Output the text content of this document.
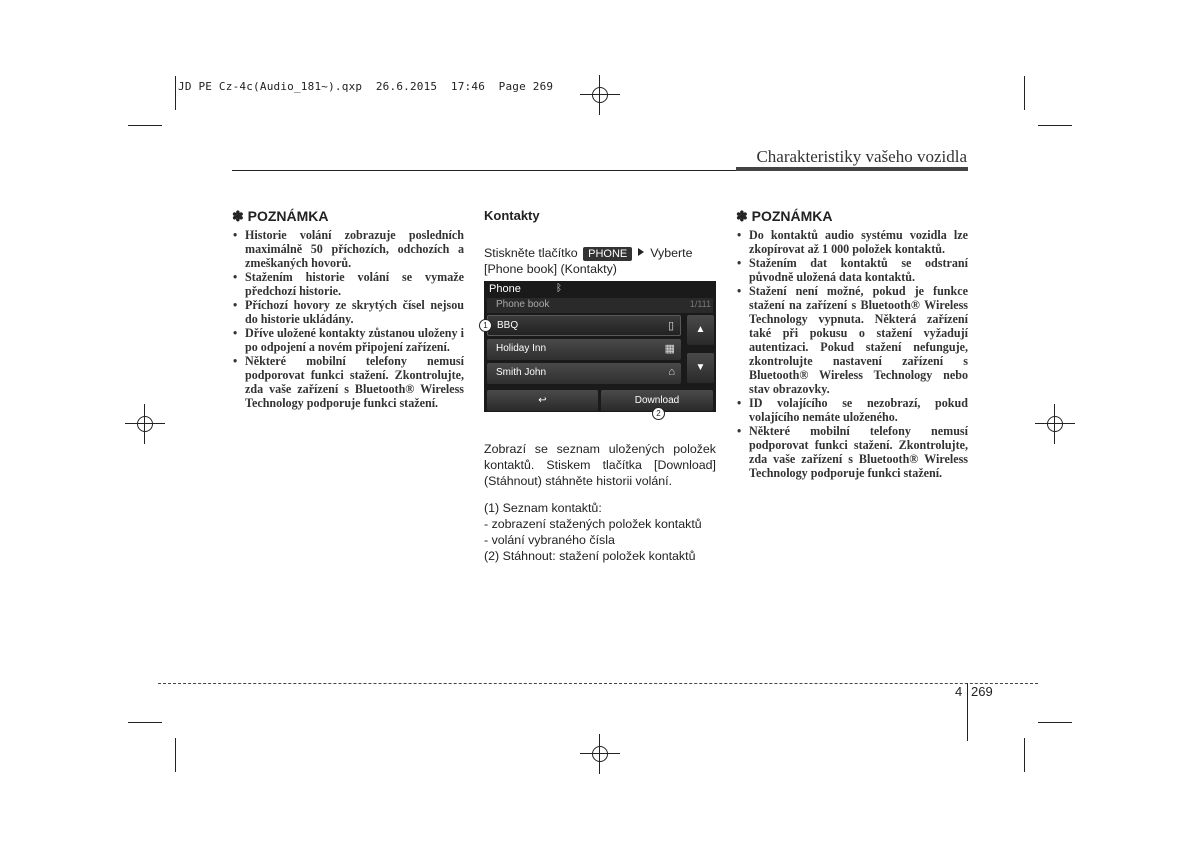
JD PE Cz-4c(Audio_181~).qxp  26.6.2015  17:46  Page 269
Charakteristiky vašeho vozidla
✽ POZNÁMKA
• Historie volání zobrazuje posledních maximálně 50 příchozích, odchozích a zmeškaných hovorů.
• Stažením historie volání se vymaže předchozí historie.
• Příchozí hovory ze skrytých čísel nejsou do historie ukládány.
• Dříve uložené kontakty zůstanou uloženy i po odpojení a novém připojení zařízení.
• Některé mobilní telefony nemusí podporovat funkci stažení. Zkontrolujte, zda vaše zařízení s Bluetooth® Wireless Technology podporuje funkci stažení.
Kontakty
Stiskněte tlačítko PHONE Vyberte [Phone book] (Kontakty)
Phone	ᛒ
Phone book	1/111
BBQ	▯
Holiday Inn	▦
Smith John	⌂
▲
▼
↩	Download
1
2
Zobrazí se seznam uložených položek kontaktů. Stiskem tlačítka [Download] (Stáhnout) stáhněte historii volání.
(1) Seznam kontaktů:
- zobrazení stažených položek kontaktů
- volání vybraného čísla
(2) Stáhnout: stažení položek kontaktů
✽ POZNÁMKA
• Do kontaktů audio systému vozidla lze zkopírovat až 1 000 položek kontaktů.
• Stažením dat kontaktů se odstraní původně uložená data kontaktů.
• Stažení není možné, pokud je funkce stažení na zařízení s Bluetooth® Wireless Technology vypnuta. Některá zařízení také při pokusu o stažení vyžadují autentizaci. Pokud stažení nefunguje, zkontrolujte nastavení zařízení s Bluetooth® Wireless Technology nebo stav obrazovky.
• ID volajícího se nezobrazí, pokud volajícího nemáte uloženého.
• Některé mobilní telefony nemusí podporovat funkci stažení. Zkontrolujte, zda vaše zařízení s Bluetooth® Wireless Technology podporuje funkci stažení.
4 269
